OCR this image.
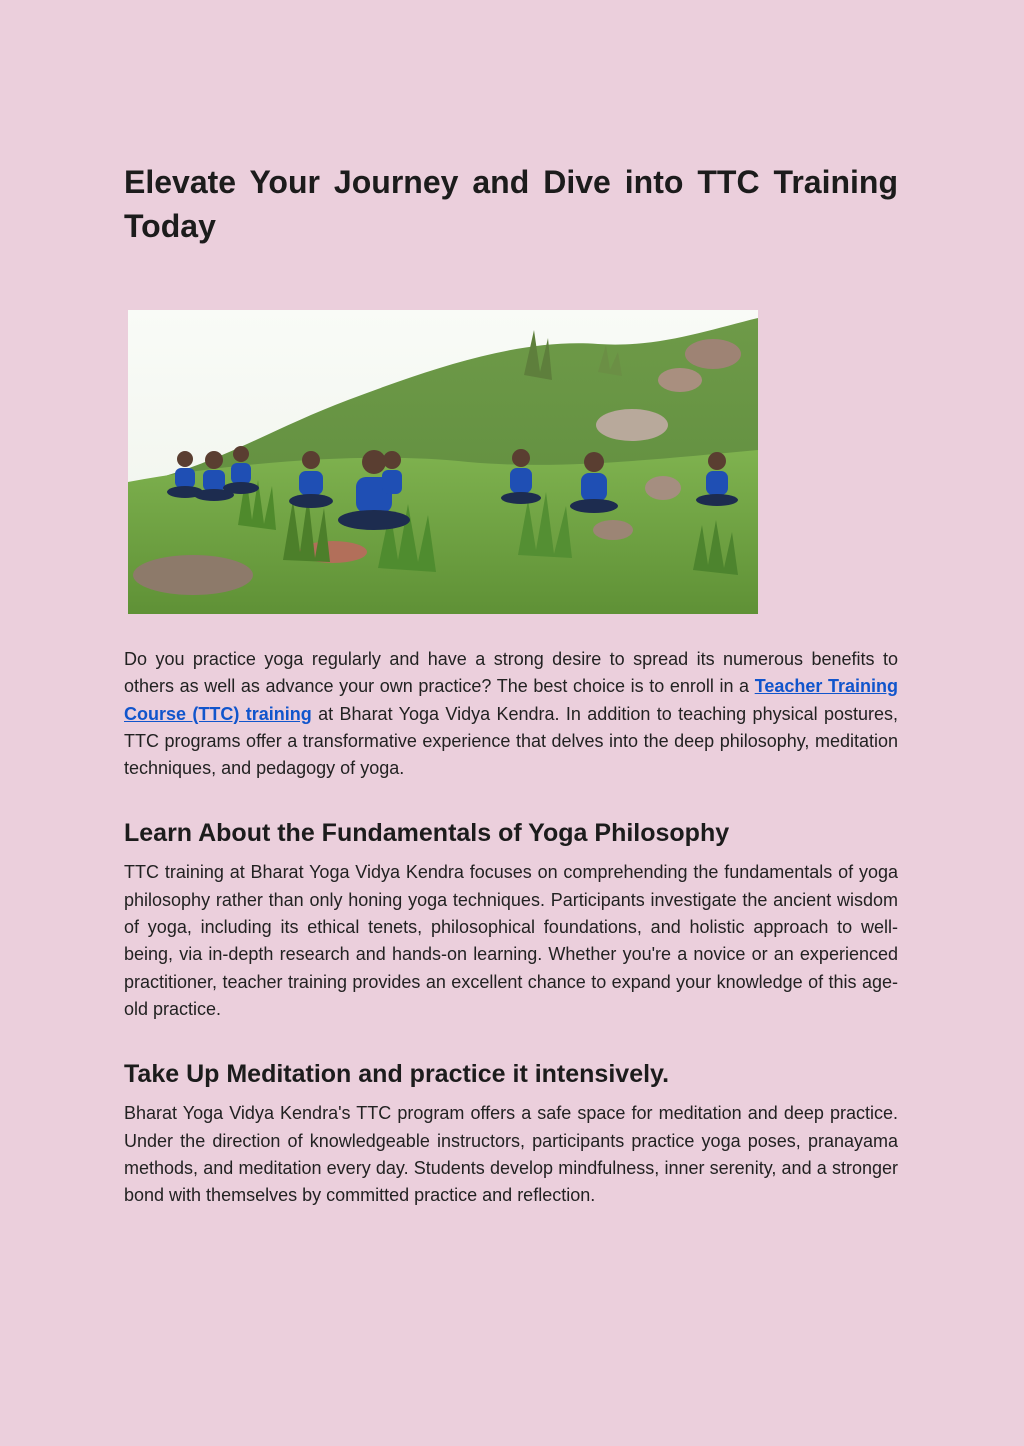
Elevate Your Journey and Dive into TTC Training Today

Do you practice yoga regularly and have a strong desire to spread its numerous benefits to others as well as advance your own practice? The best choice is to enroll in a Teacher Training Course (TTC) training at Bharat Yoga Vidya Kendra. In addition to teaching physical postures, TTC programs offer a transformative experience that delves into the deep philosophy, meditation techniques, and pedagogy of yoga.

Learn About the Fundamentals of Yoga Philosophy

TTC training at Bharat Yoga Vidya Kendra focuses on comprehending the fundamentals of yoga philosophy rather than only honing yoga techniques. Participants investigate the ancient wisdom of yoga, including its ethical tenets, philosophical foundations, and holistic approach to well-being, via in-depth research and hands-on learning. Whether you're a novice or an experienced practitioner, teacher training provides an excellent chance to expand your knowledge of this age-old practice.

Take Up Meditation and practice it intensively.

Bharat Yoga Vidya Kendra's TTC program offers a safe space for meditation and deep practice. Under the direction of knowledgeable instructors, participants practice yoga poses, pranayama methods, and meditation every day. Students develop mindfulness, inner serenity, and a stronger bond with themselves by committed practice and reflection.
